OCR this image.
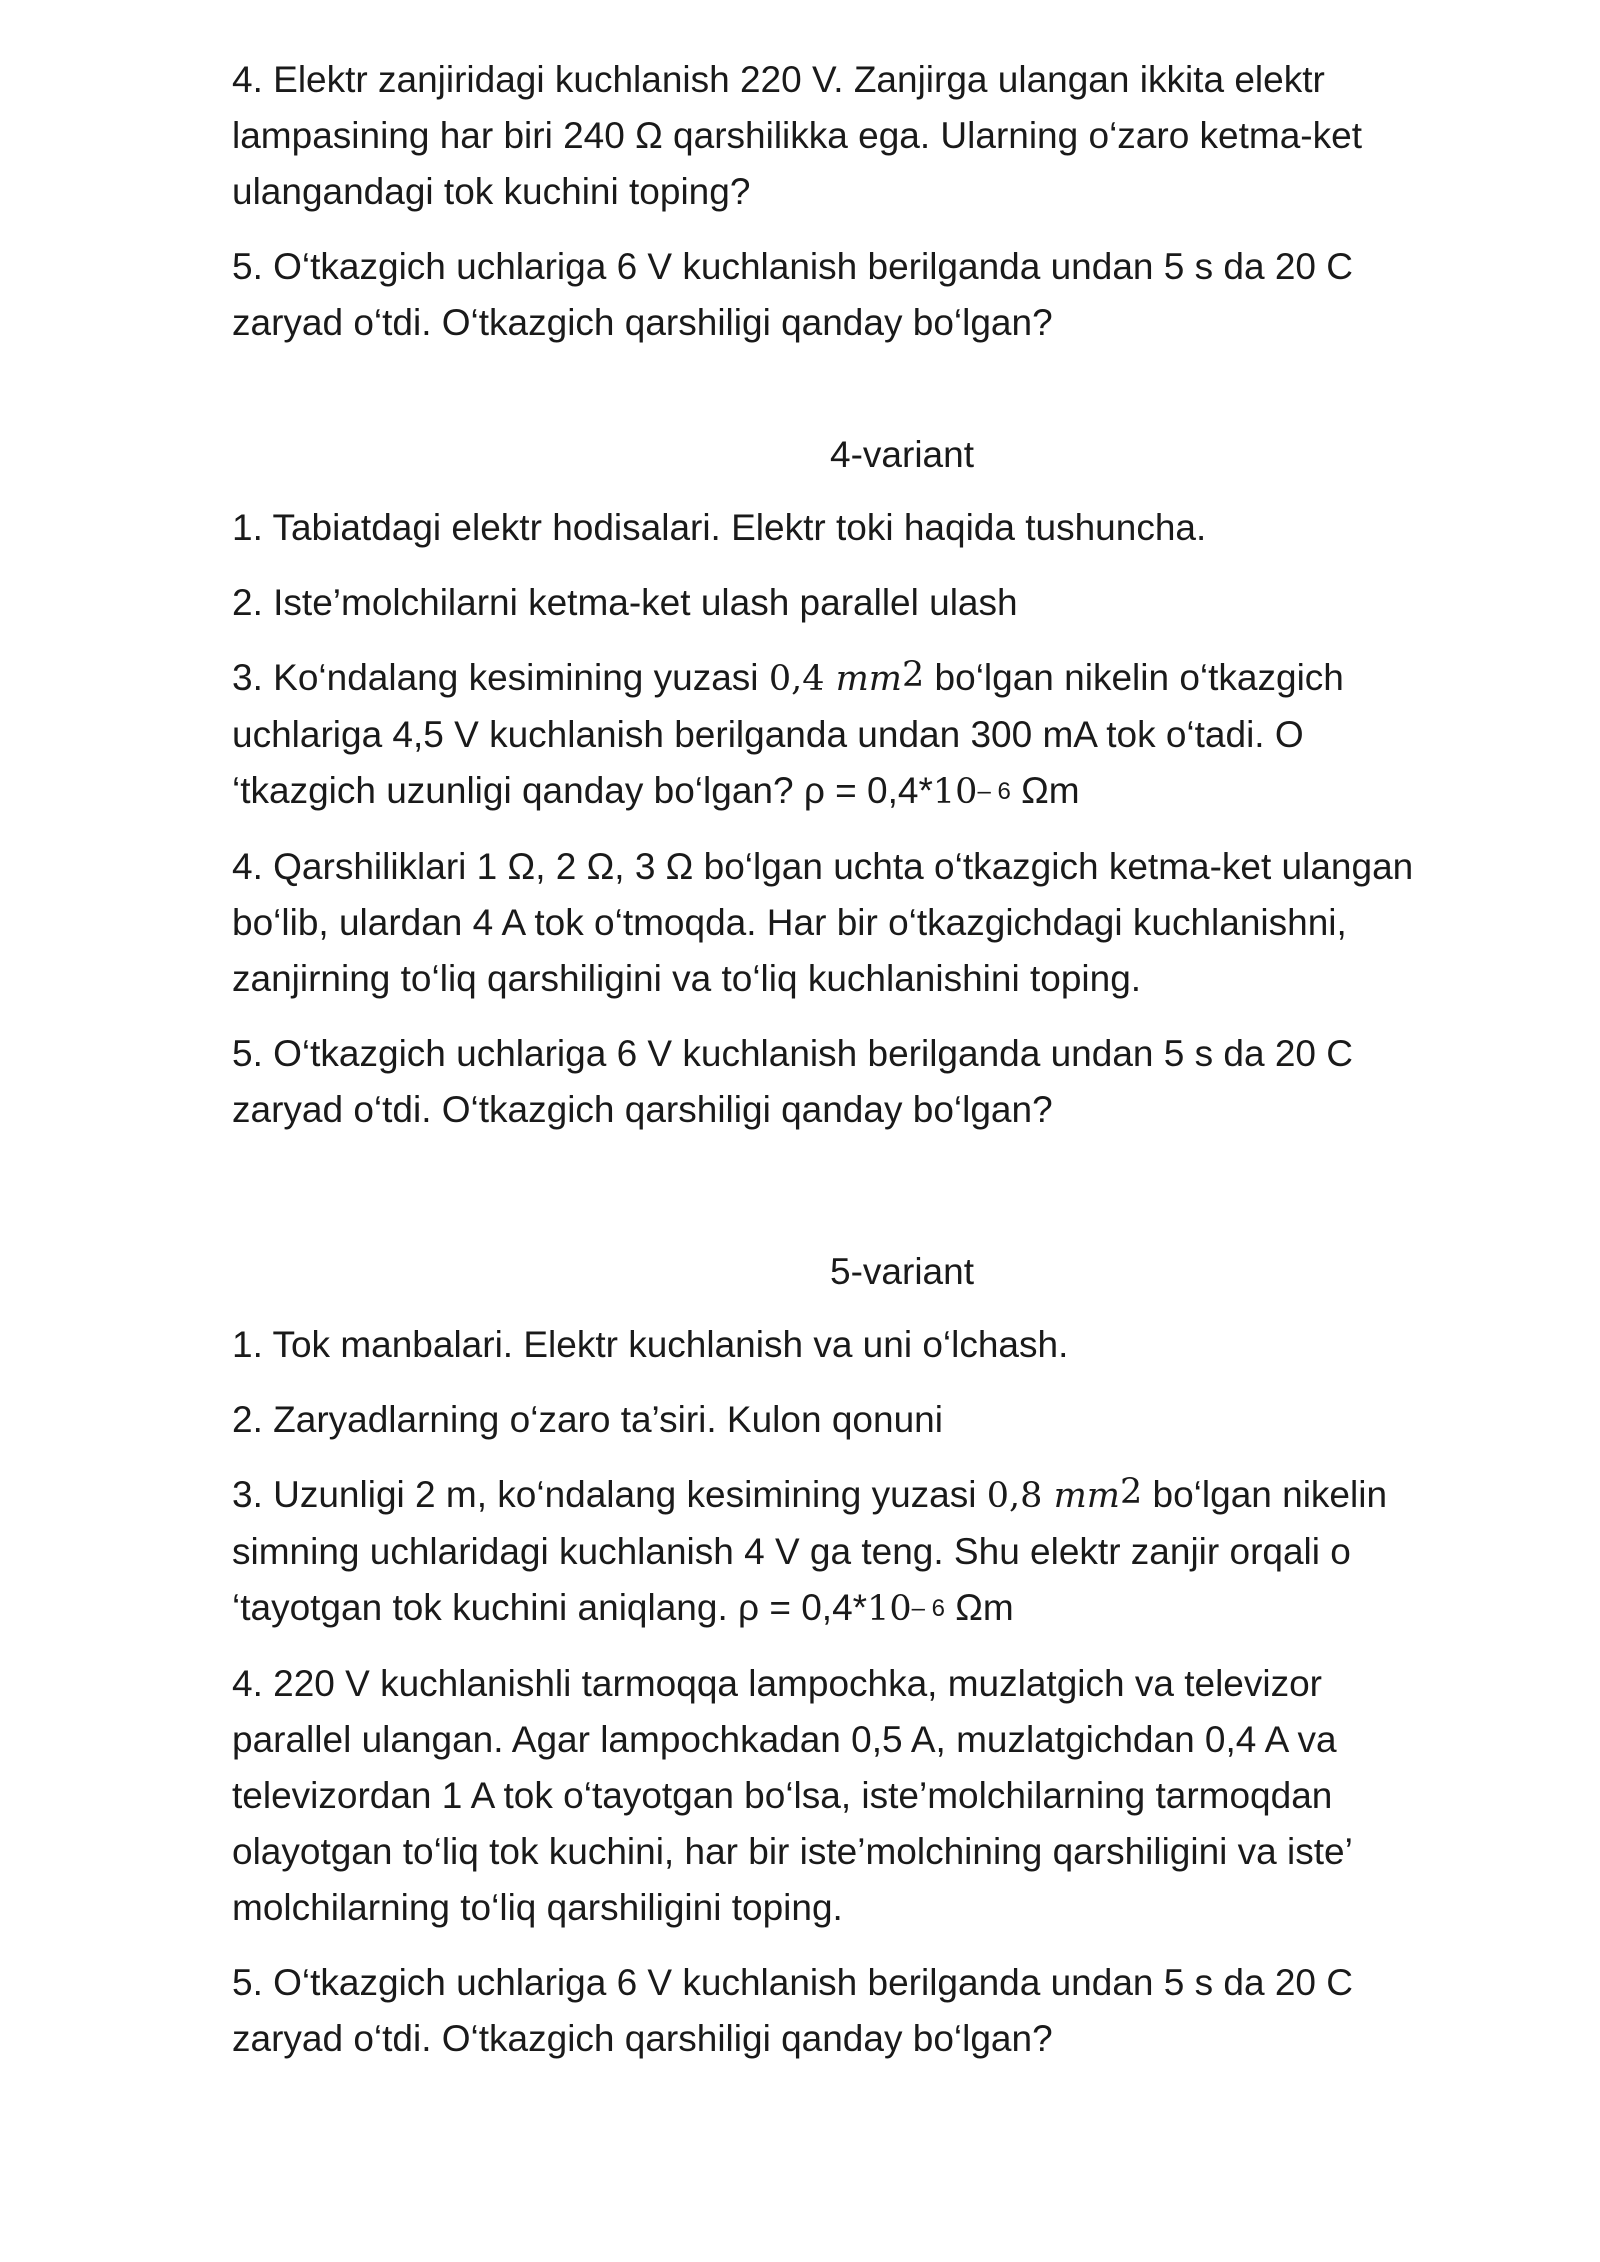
4. Elektr zanjiridagi kuchlanish 220 V. Zanjirga ulangan ikkita elektr
lampasining har biri 240 Ω qarshilikka ega. Ularning o‘zaro ketma-ket
ulangandagi tok kuchini toping?
5. O‘tkazgich uchlariga 6 V kuchlanish berilganda undan 5 s da 20 C
zaryad o‘tdi. O‘tkazgich qarshiligi qanday bo‘lgan?
4-variant
1. Tabiatdagi elektr hodisalari. Elektr toki haqida tushuncha.
2. Iste’molchilarni ketma-ket ulash parallel ulash
3. Ko‘ndalang kesimining yuzasi 0,4 $mm^2$ bo‘lgan nikelin o‘tkazgich
uchlariga 4,5 V kuchlanish berilganda undan 300 mA tok o‘tadi. O
‘tkazgich uzunligi qanday bo‘lgan? $\rho = 0,4*10^{- 6}$ Ωm
4. Qarshiliklari 1 Ω, 2 Ω, 3 Ω bo‘lgan uchta o‘tkazgich ketma-ket ulangan
bo‘lib, ulardan 4 A tok o‘tmoqda. Har bir o‘tkazgichdagi kuchlanishni,
zanjirning to‘liq qarshiligini va to‘liq kuchlanishini toping.
5. O‘tkazgich uchlariga 6 V kuchlanish berilganda undan 5 s da 20 C
zaryad o‘tdi. O‘tkazgich qarshiligi qanday bo‘lgan?
5-variant
1. Tok manbalari. Elektr kuchlanish va uni o‘lchash.
2. Zaryadlarning o‘zaro ta’siri. Kulon qonuni
3. Uzunligi 2 m, ko‘ndalang kesimining yuzasi 0,8 $mm^2$ bo‘lgan nikelin
simning uchlaridagi kuchlanish 4 V ga teng. Shu elektr zanjir orqali o
‘tayotgan tok kuchini aniqlang. $\rho = 0,4*10^{- 6}$ Ωm
4. 220 V kuchlanishli tarmoqqa lampochka, muzlatgich va televizor
parallel ulangan. Agar lampochkadan 0,5 A, muzlatgichdan 0,4 A va
televizordan 1 A tok o‘tayotgan bo‘lsa, iste’molchilarning tarmoqdan
olayotgan to‘liq tok kuchini, har bir iste’molchining qarshiligini va iste’
molchilarning to‘liq qarshiligini toping.
5. O‘tkazgich uchlariga 6 V kuchlanish berilganda undan 5 s da 20 C
zaryad o‘tdi. O‘tkazgich qarshiligi qanday bo‘lgan?
